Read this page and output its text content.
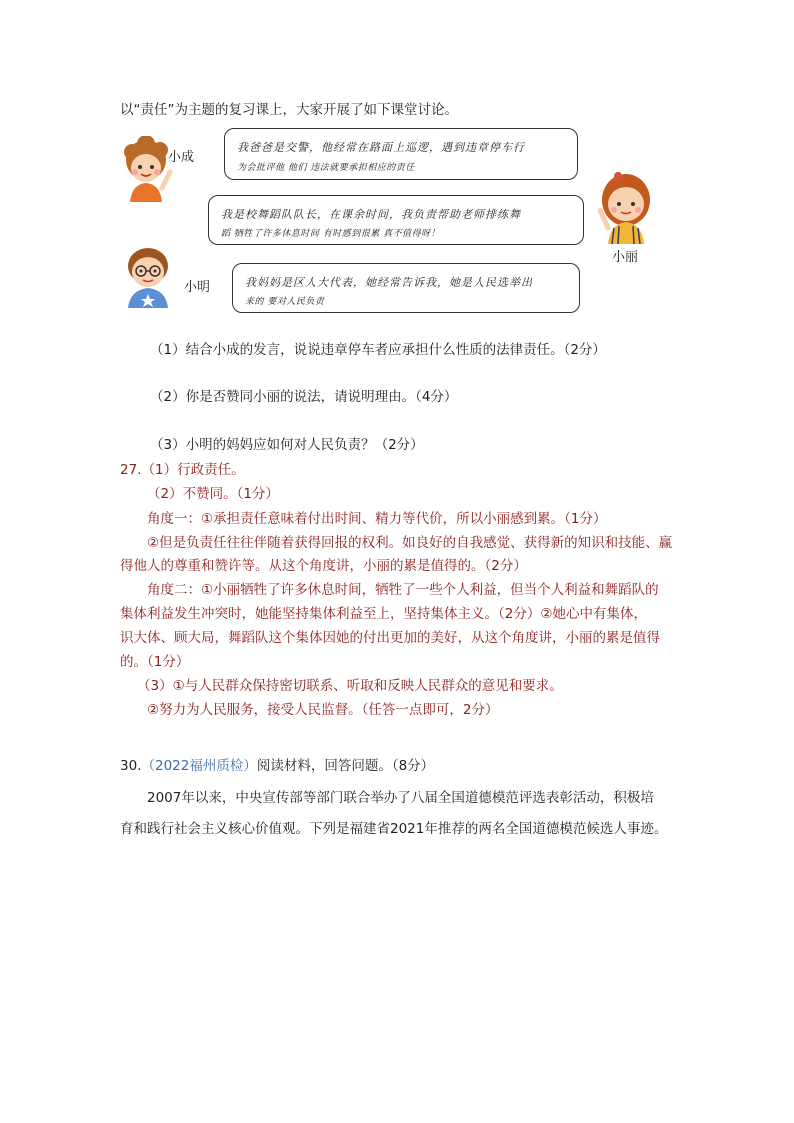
以“责任”为主题的复习课上，大家开展了如下课堂讨论。
小成
我爸爸是交警，他经常在路面上巡逻，遇到违章停车行
为会批评他 他们 违法就要承担相应的责任
我是校舞蹈队队长，在课余时间，我负责帮助老师排练舞
蹈 牺牲了许多休息时间 有时感到很累 真不值得呀！
小丽
小明	我妈妈是区人大代表，她经常告诉我，她是人民选举出
来的 要对人民负责
（1）结合小成的发言，说说违章停车者应承担什么性质的法律责任。（2分）
（2）你是否赞同小丽的说法，请说明理由。（4分）
（3）小明的妈妈应如何对人民负责？（2分）
27.（1）行政责任。
（2）不赞同。（1分）
角度一：①承担责任意味着付出时间、精力等代价，所以小丽感到累。（1分）
②但是负责任往往伴随着获得回报的权利。如良好的自我感觉、获得新的知识和技能、赢
得他人的尊重和赞许等。从这个角度讲，小丽的累是值得的。（2分）
角度二：①小丽牺牲了许多休息时间，牺牲了一些个人利益，但当个人利益和舞蹈队的
集体利益发生冲突时，她能坚持集体利益至上，坚持集体主义。（2分）②她心中有集体，
识大体、顾大局，舞蹈队这个集体因她的付出更加的美好，从这个角度讲，小丽的累是值得
的。（1分）
（3）①与人民群众保持密切联系、听取和反映人民群众的意见和要求。
②努力为人民服务，接受人民监督。（任答一点即可，2分）
30.（2022福州质检）阅读材料，回答问题。（8分）
2007年以来，中央宣传部等部门联合举办了八届全国道德模范评选表彰活动，积极培
育和践行社会主义核心价值观。下列是福建省2021年推荐的两名全国道德模范候选人事迹。
